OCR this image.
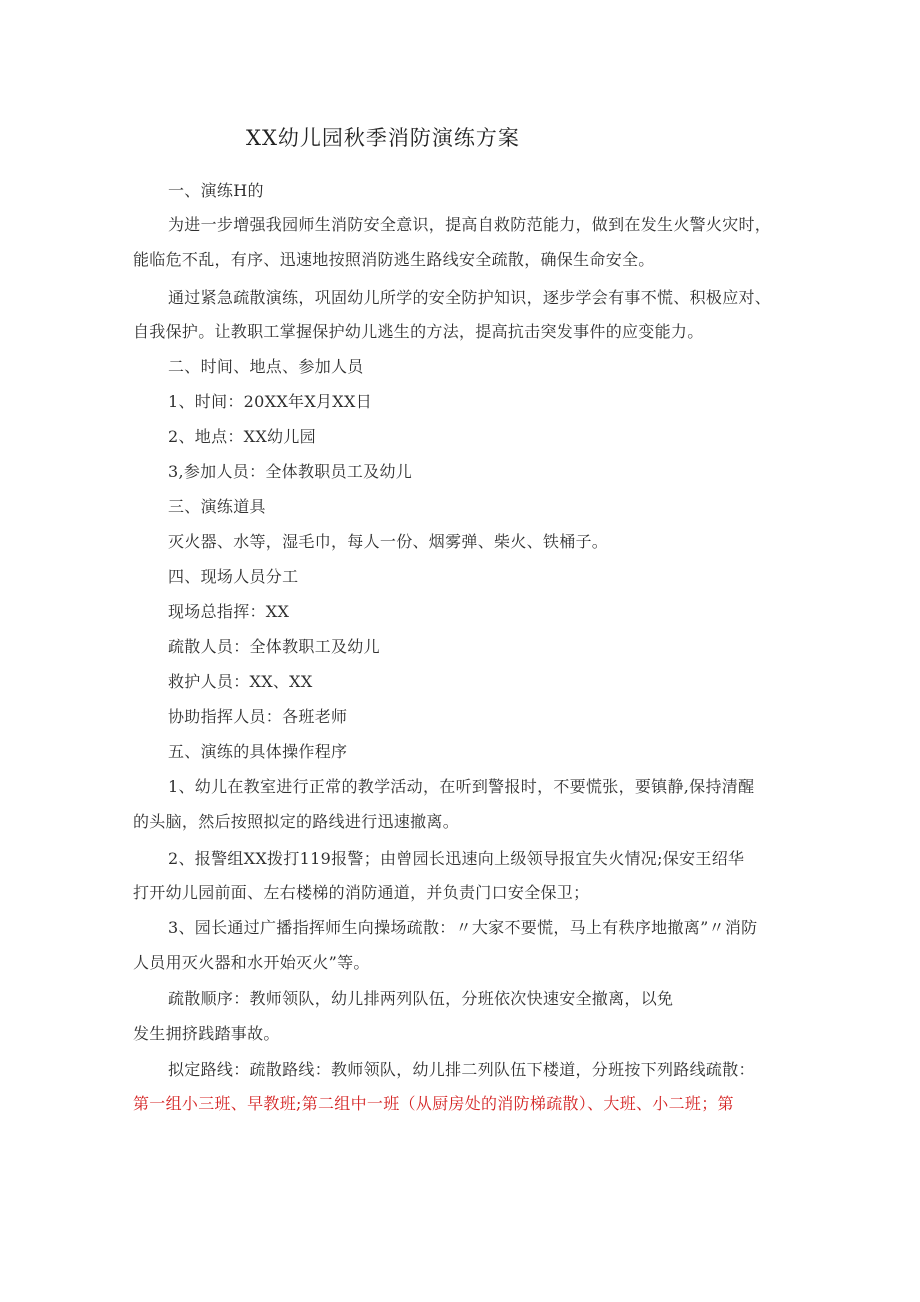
XX幼儿园秋季消防演练方案
一、演练H的
为进一步增强我园师生消防安全意识，提高自救防范能力，做到在发生火警火灾时，
能临危不乱，有序、迅速地按照消防逃生路线安全疏散，确保生命安全。
通过紧急疏散演练，巩固幼儿所学的安全防护知识，逐步学会有事不慌、积极应对、
自我保护。让教职工掌握保护幼儿逃生的方法，提高抗击突发事件的应变能力。
二、时间、地点、参加人员
1、时间：20XX年X月XX日
2、地点：XX幼儿园
3,参加人员：全体教职员工及幼儿
三、演练道具
灭火器、水等，湿毛巾，每人一份、烟雾弹、柴火、铁桶子。
四、现场人员分工
现场总指挥：XX
疏散人员：全体教职工及幼儿
救护人员：XX、XX
协助指挥人员：各班老师
五、演练的具体操作程序
1、幼儿在教室进行正常的教学活动，在听到警报时，不要慌张，要镇静,保持清醒
的头脑，然后按照拟定的路线进行迅速撤离。
2、报警组XX拨打119报警；由曾园长迅速向上级领导报宜失火情况;保安王绍华
打开幼儿园前面、左右楼梯的消防通道，并负责门口安全保卫；
3、园长通过广播指挥师生向操场疏散：〃大家不要慌，马上有秩序地撤离”〃消防
人员用灭火器和水开始灭火”等。
疏散顺序：教师领队，幼儿排两列队伍，分班依次快速安全撤离，以免
发生拥挤践踏事故。
拟定路线：疏散路线：教师领队，幼儿排二列队伍下楼道，分班按下列路线疏散：
第一组小三班、早教班;第二组中一班（从厨房处的消防梯疏散）、大班、小二班；第
